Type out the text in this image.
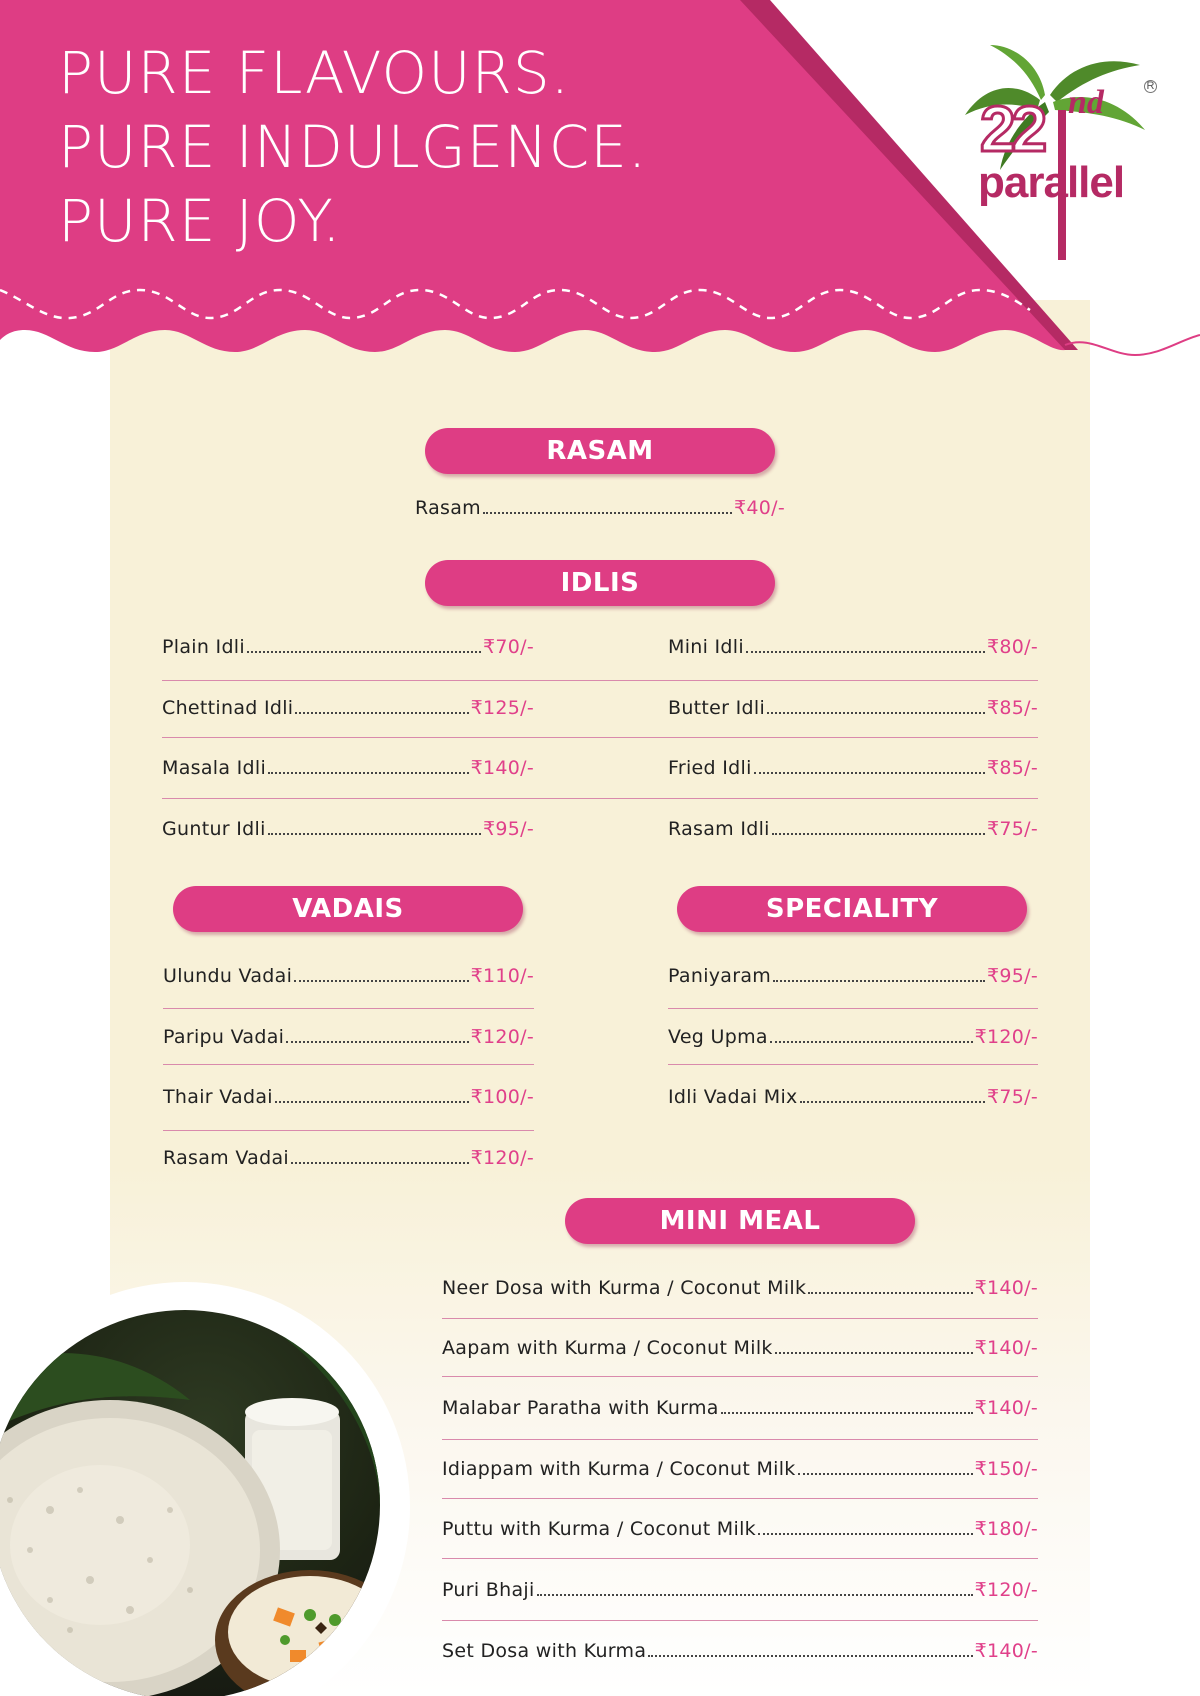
PURE FLAVOURS.
PURE INDULGENCE.
PURE JOY.
22 nd
parallel
R
RASAM
Rasam	₹40/-
IDLIS
Plain Idli	₹70/-	Mini Idli	₹80/-
Chettinad Idli	₹125/-	Butter Idli	₹85/-
Masala Idli	₹140/-	Fried Idli	₹85/-
Guntur Idli	₹95/-	Rasam Idli	₹75/-
VADAIS
Ulundu Vadai	₹110/-
Paripu Vadai	₹120/-
Thair Vadai	₹100/-
Rasam Vadai	₹120/-
SPECIALITY
Paniyaram	₹95/-
Veg Upma	₹120/-
Idli Vadai Mix	₹75/-
MINI MEAL
Neer Dosa with Kurma / Coconut Milk	₹140/-
Aapam with Kurma / Coconut Milk	₹140/-
Malabar Paratha with Kurma	₹140/-
Idiappam with Kurma / Coconut Milk	₹150/-
Puttu with Kurma / Coconut Milk	₹180/-
Puri Bhaji	₹120/-
Set Dosa with Kurma	₹140/-
